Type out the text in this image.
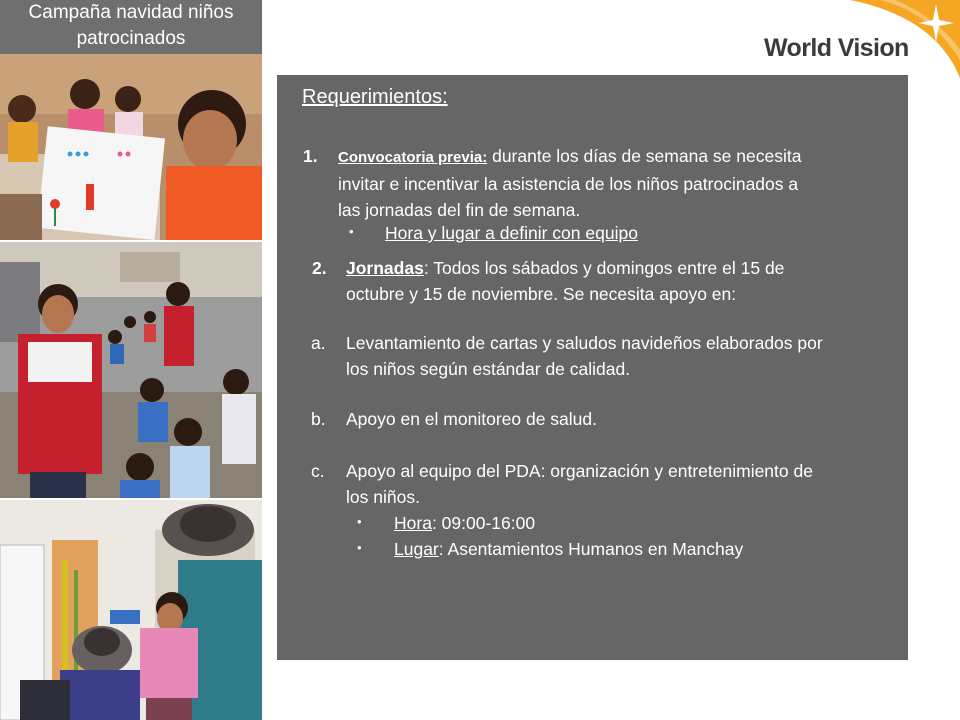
Campaña navidad niños
patrocinados	World Vision
Requerimientos:
1. Convocatoria previa: durante los días de semana se necesita

invitar e incentivar la asistencia de los niños patrocinados a

las jornadas del fin de semana.

• Hora y lugar a definir con equipo
2. Jornadas: Todos los sábados y domingos entre el 15 de

octubre y 15 de noviembre. Se necesita apoyo en:

a. Levantamiento de cartas y saludos navideños elaborados por

los niños según estándar de calidad.

b. Apoyo en el monitoreo de salud.
c. Apoyo al equipo del PDA: organización y entretenimiento de

los niños.

• Hora: 09:00-16:00
• Lugar: Asentamientos Humanos en Manchay
